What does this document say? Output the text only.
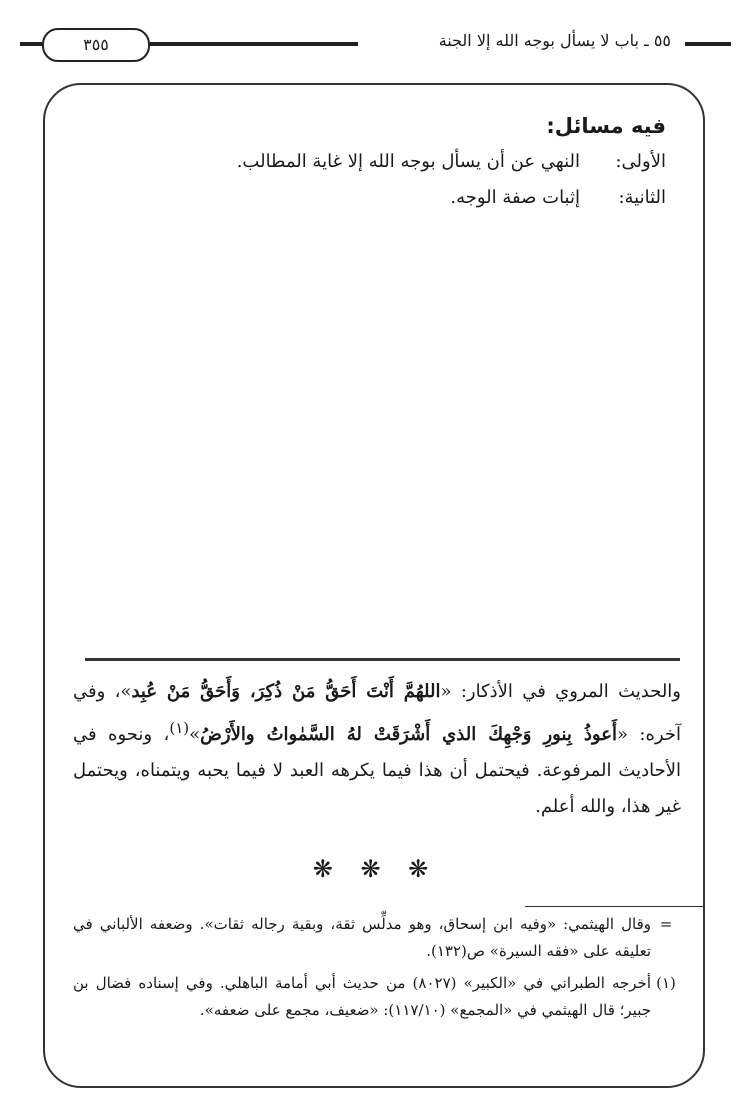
٥٥ ـ باب لا يسأل بوجه الله إلا الجنة
٣٥٥
فيه مسائل:
الأولى:
النهي عن أن يسأل بوجه الله إلا غاية المطالب.
الثانية:
إثبات صفة الوجه.
والحديث المروي في الأذكار: «اللهُمَّ أَنْتَ أَحَقُّ مَنْ ذُكِرَ، وَأَحَقُّ مَنْ عُبِد»، وفي آخره: «أَعوذُ بِنورِ وَجْهِكَ الذي أَشْرَقَتْ لهُ السَّمٰواتُ والأَرْضُ»$^{(١)}$، ونحوه في الأحاديث المرفوعة. فيحتمل أن هذا فيما يكرهه العبد لا فيما يحبه ويتمناه، ويحتمل غير هذا، والله أعلم.
❋ ❋ ❋
=
وقال الهيثمي: «وفيه ابن إسحاق، وهو مدلِّس ثقة، وبقية رجاله ثقات». وضعفه الألباني في تعليقه على «فقه السيرة» ص(١٣٢).
(١)
أخرجه الطبراني في «الكبير» (٨٠٢٧) من حديث أبي أمامة الباهلي. وفي إسناده فضال بن جبير؛ قال الهيثمي في «المجمع» (١١٧/١٠): «ضعيف، مجمع على ضعفه».
